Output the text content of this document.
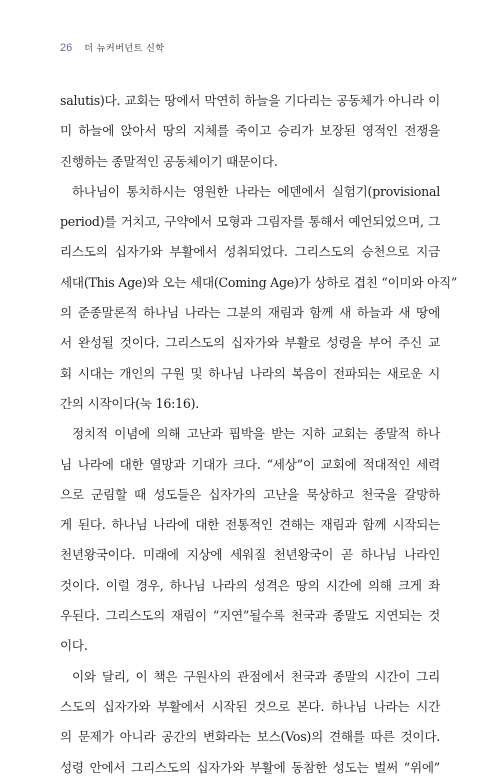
26 더 뉴커버넌트 신학
salutis)다. 교회는 땅에서 막연히 하늘을 기다리는 공동체가 아니라 이
미 하늘에 앉아서 땅의 지체를 죽이고 승리가 보장된 영적인 전쟁을
진행하는 종말적인 공동체이기 때문이다.
하나님이 통치하시는 영원한 나라는 에덴에서 실험기(provisional
period)를 거치고, 구약에서 모형과 그림자를 통해서 예언되었으며, 그
리스도의 십자가와 부활에서 성취되었다. 그리스도의 승천으로 지금
세대(This Age)와 오는 세대(Coming Age)가 상하로 겹친 “이미와 아직”
의 준종말론적 하나님 나라는 그분의 재림과 함께 새 하늘과 새 땅에
서 완성될 것이다. 그리스도의 십자가와 부활로 성령을 부어 주신 교
회 시대는 개인의 구원 및 하나님 나라의 복음이 전파되는 새로운 시
간의 시작이다(눅 16:16).
정치적 이념에 의해 고난과 핍박을 받는 지하 교회는 종말적 하나
님 나라에 대한 열망과 기대가 크다. “세상”이 교회에 적대적인 세력
으로 군림할 때 성도들은 십자가의 고난을 묵상하고 천국을 갈망하
게 된다. 하나님 나라에 대한 전통적인 견해는 재림과 함께 시작되는
천년왕국이다. 미래에 지상에 세워질 천년왕국이 곧 하나님 나라인
것이다. 이럴 경우, 하나님 나라의 성격은 땅의 시간에 의해 크게 좌
우된다. 그리스도의 재림이 “지연”될수록 천국과 종말도 지연되는 것
이다.
이와 달리, 이 책은 구원사의 관점에서 천국과 종말의 시간이 그리
스도의 십자가와 부활에서 시작된 것으로 본다. 하나님 나라는 시간
의 문제가 아니라 공간의 변화라는 보스(Vos)의 견해를 따른 것이다.
성령 안에서 그리스도의 십자가와 부활에 동참한 성도는 벌써 “위에”
